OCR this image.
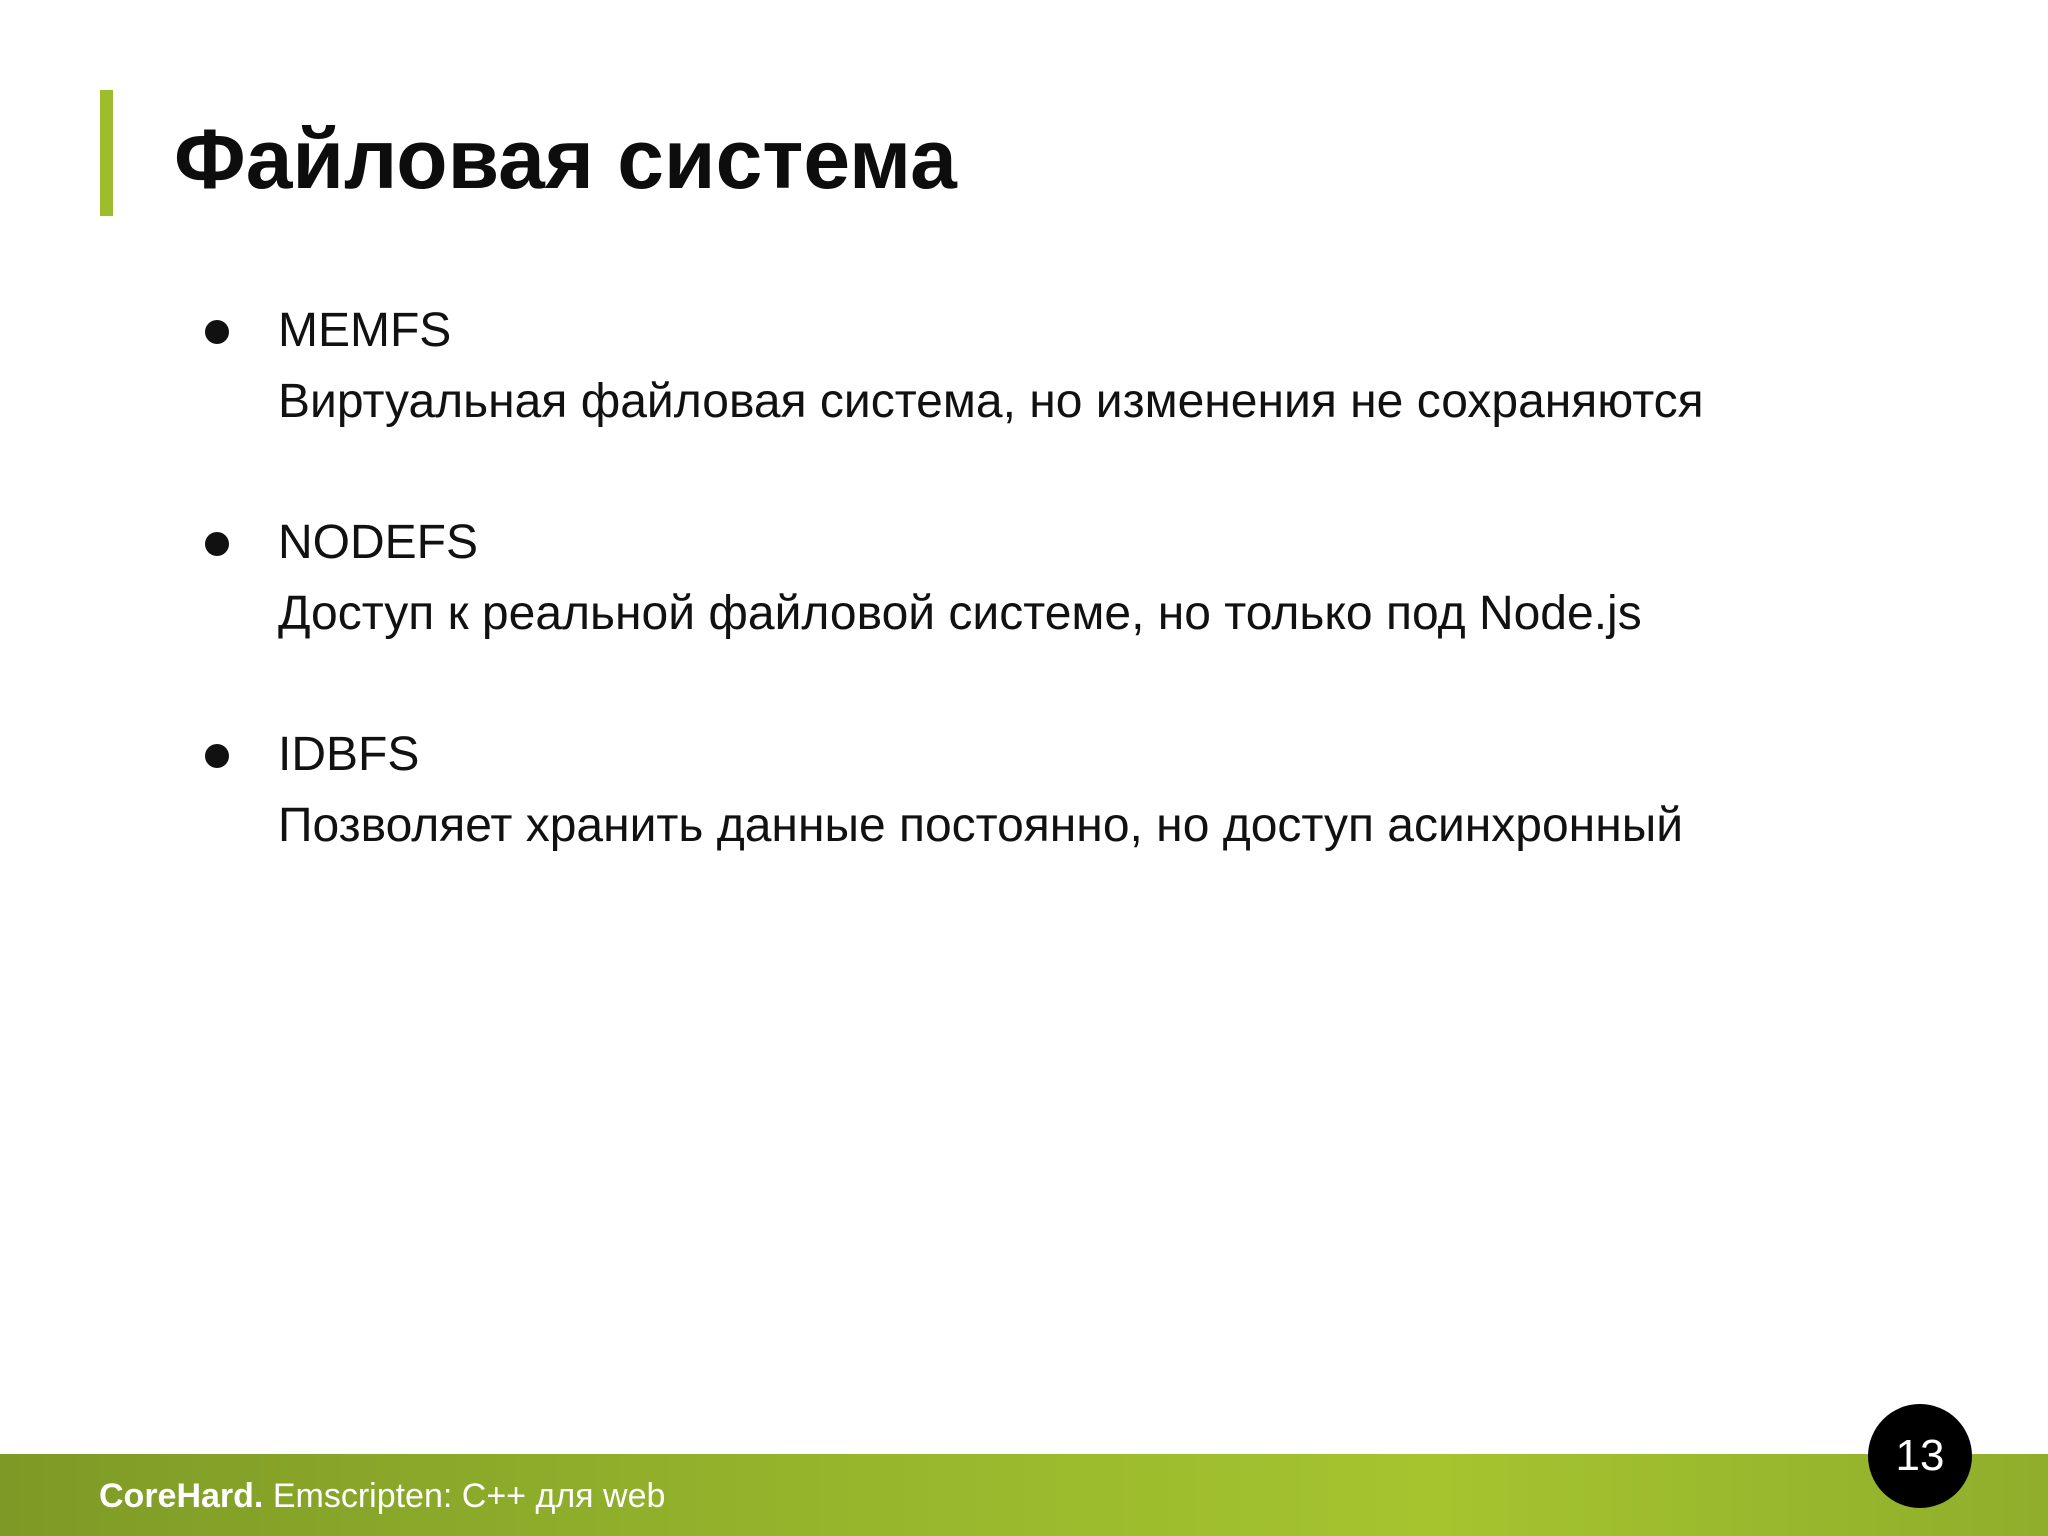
Файловая система
MEMFS
Виртуальная файловая система, но изменения не сохраняются
NODEFS
Доступ к реальной файловой системе, но только под Node.js
IDBFS
Позволяет хранить данные постоянно, но доступ асинхронный
CoreHard. Emscripten: C++ для web
13
